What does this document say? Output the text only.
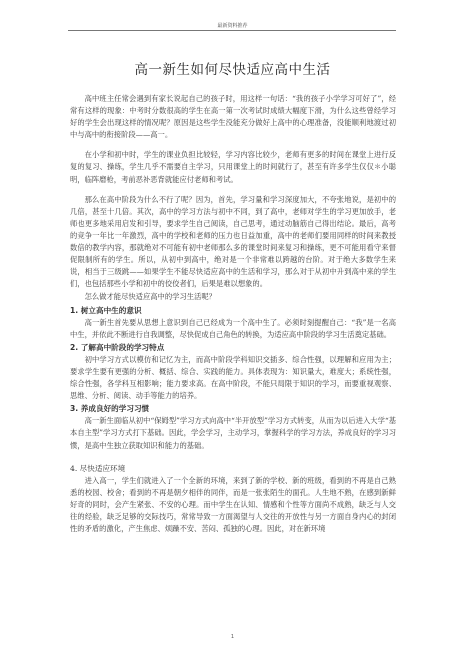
最新资料推荐
高一新生如何尽快适应高中生活

高中班主任常会遇到有家长说起自己的孩子时，用这样一句话：“我的孩子小学学习可好了”，经常有这样的现象：中考时分数很高的学生在高一第一次考试时成绩大幅度下滑，为什么这些曾经学习好的学生会出现这样的情况呢？原因是这些学生没能充分做好上高中的心理准备，没能顺利地渡过初中与高中的衔接阶段——高一。

在小学和初中时，学生的课业负担比较轻，学习内容比较少，老师有更多的时间在课堂上进行反复的复习、操练，学生几乎不需要自主学习，只用课堂上的时间就行了，甚至有许多学生仅仅＊小聪明，临阵磨枪，考前恶补恶背就能应付老师和考试。

那么在高中阶段为什么不行了呢？因为，首先，学习量和学习深度加大，不夸张地说，是初中的几倍，甚至十几倍。其次，高中的学习方法与初中不同，到了高中，老师对学生的学习更加放手，老师也更多地采用启发和引导，要求学生自己阅读，自己思考，通过动脑筋自己得出结论。最后，高考的竞争一年比一年激烈，高中的学校和老师的压力也日益加重，高中的老师们要用同样的时间来教授数倍的教学内容，那就绝对不可能有初中老师那么多的课堂时间来复习和操练，更不可能用看守来督促限制所有的学生。所以，从初中到高中，绝对是一个非常难以跨越的台阶。对于绝大多数学生来说，相当于三级跳——如果学生不能尽快适应高中的生活和学习，那么对于从初中升到高中来的学生们，也包括那些小学和初中的佼佼者们，后果是难以想象的。

怎么做才能尽快适应高中的学习生活呢？

1. 树立高中生的意识

高一新生首先要从思想上意识到自己已经成为一个高中生了。必须时刻提醒自己：“我”是一名高中生，并依此不断进行自我调整，尽快促成自己角色的转换，为适应高中阶段的学习生活奠定基础。

2. 了解高中阶段的学习特点

初中学习方式以模仿和记忆为主，而高中阶段学科知识交插多、综合性强，以理解和应用为主；要求学生要有更强的分析、概括、综合、实践的能力。具体表现为：知识量大，难度大；系统性强，综合性强，各学科互相影响；能力要求高。在高中阶段，不能只局限于知识的学习，而要重视观察、思维、分析、阅读、动手等能力的培养。

3. 养成良好的学习习惯

高一新生面临从初中“保姆型”学习方式向高中“半开放型”学习方式转变，从而为以后进入大学“基本自主型”学习方式打下基础。因此，学会学习，主动学习，掌握科学的学习方法，养成良好的学习习惯，是高中生独立获取知识和能力的基础。

4. 尽快适应环境

进入高一，学生们就进入了一个全新的环境，来到了新的学校、新的班级，看到的不再是自己熟悉的校园、校舍；看到的不再是朝夕相伴的同伴，而是一张张陌生的面孔。人生地不熟，在感到新鲜好奇的同时，会产生紧张、不安的心理。而中学生在认知、情感和个性等方面尚不成熟，缺乏与人交往的经验，缺乏足够的交际技巧，常常导致一方面渴望与人交往的开放性与另一方面自身内心的封闭性的矛盾的激化，产生焦虑、烦躁不安、苦闷、孤独的心理。因此，对在新环境

1
